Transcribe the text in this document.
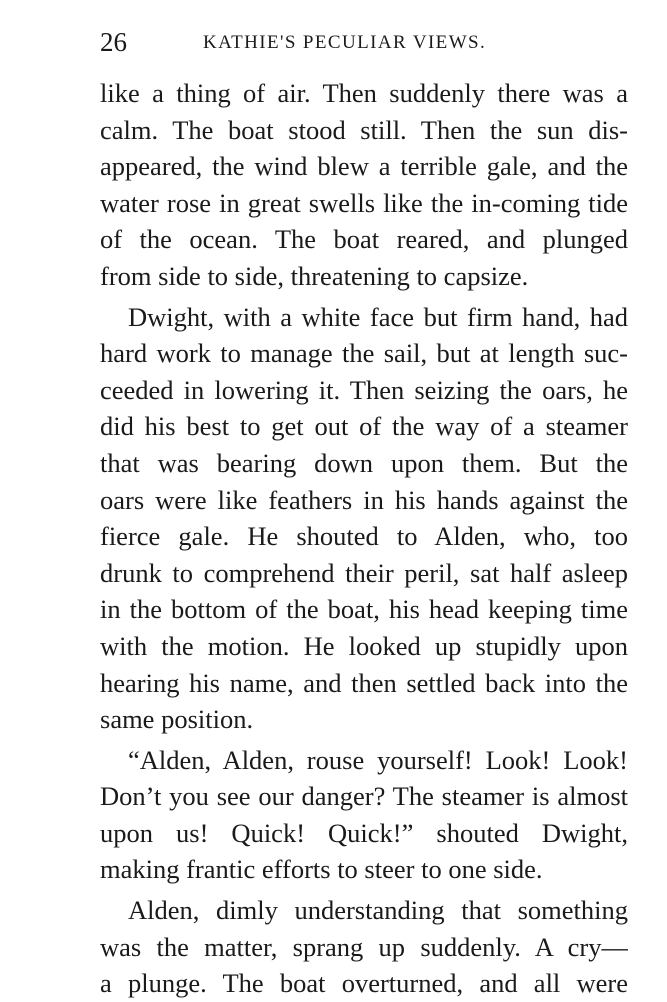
26	KATHIE'S PECULIAR VIEWS.
like a thing of air. Then suddenly there was a
calm. The boat stood still. Then the sun dis-
appeared, the wind blew a terrible gale, and the
water rose in great swells like the in-coming tide
of the ocean. The boat reared, and plunged
from side to side, threatening to capsize.
Dwight, with a white face but firm hand, had
hard work to manage the sail, but at length suc-
ceeded in lowering it. Then seizing the oars, he
did his best to get out of the way of a steamer
that was bearing down upon them. But the
oars were like feathers in his hands against the
fierce gale. He shouted to Alden, who, too
drunk to comprehend their peril, sat half asleep
in the bottom of the boat, his head keeping time
with the motion. He looked up stupidly upon
hearing his name, and then settled back into the
same position.
“Alden, Alden, rouse yourself! Look! Look!
Don’t you see our danger? The steamer is almost
upon us! Quick! Quick!” shouted Dwight,
making frantic efforts to steer to one side.
Alden, dimly understanding that something
was the matter, sprang up suddenly. A cry—
a plunge. The boat overturned, and all were
